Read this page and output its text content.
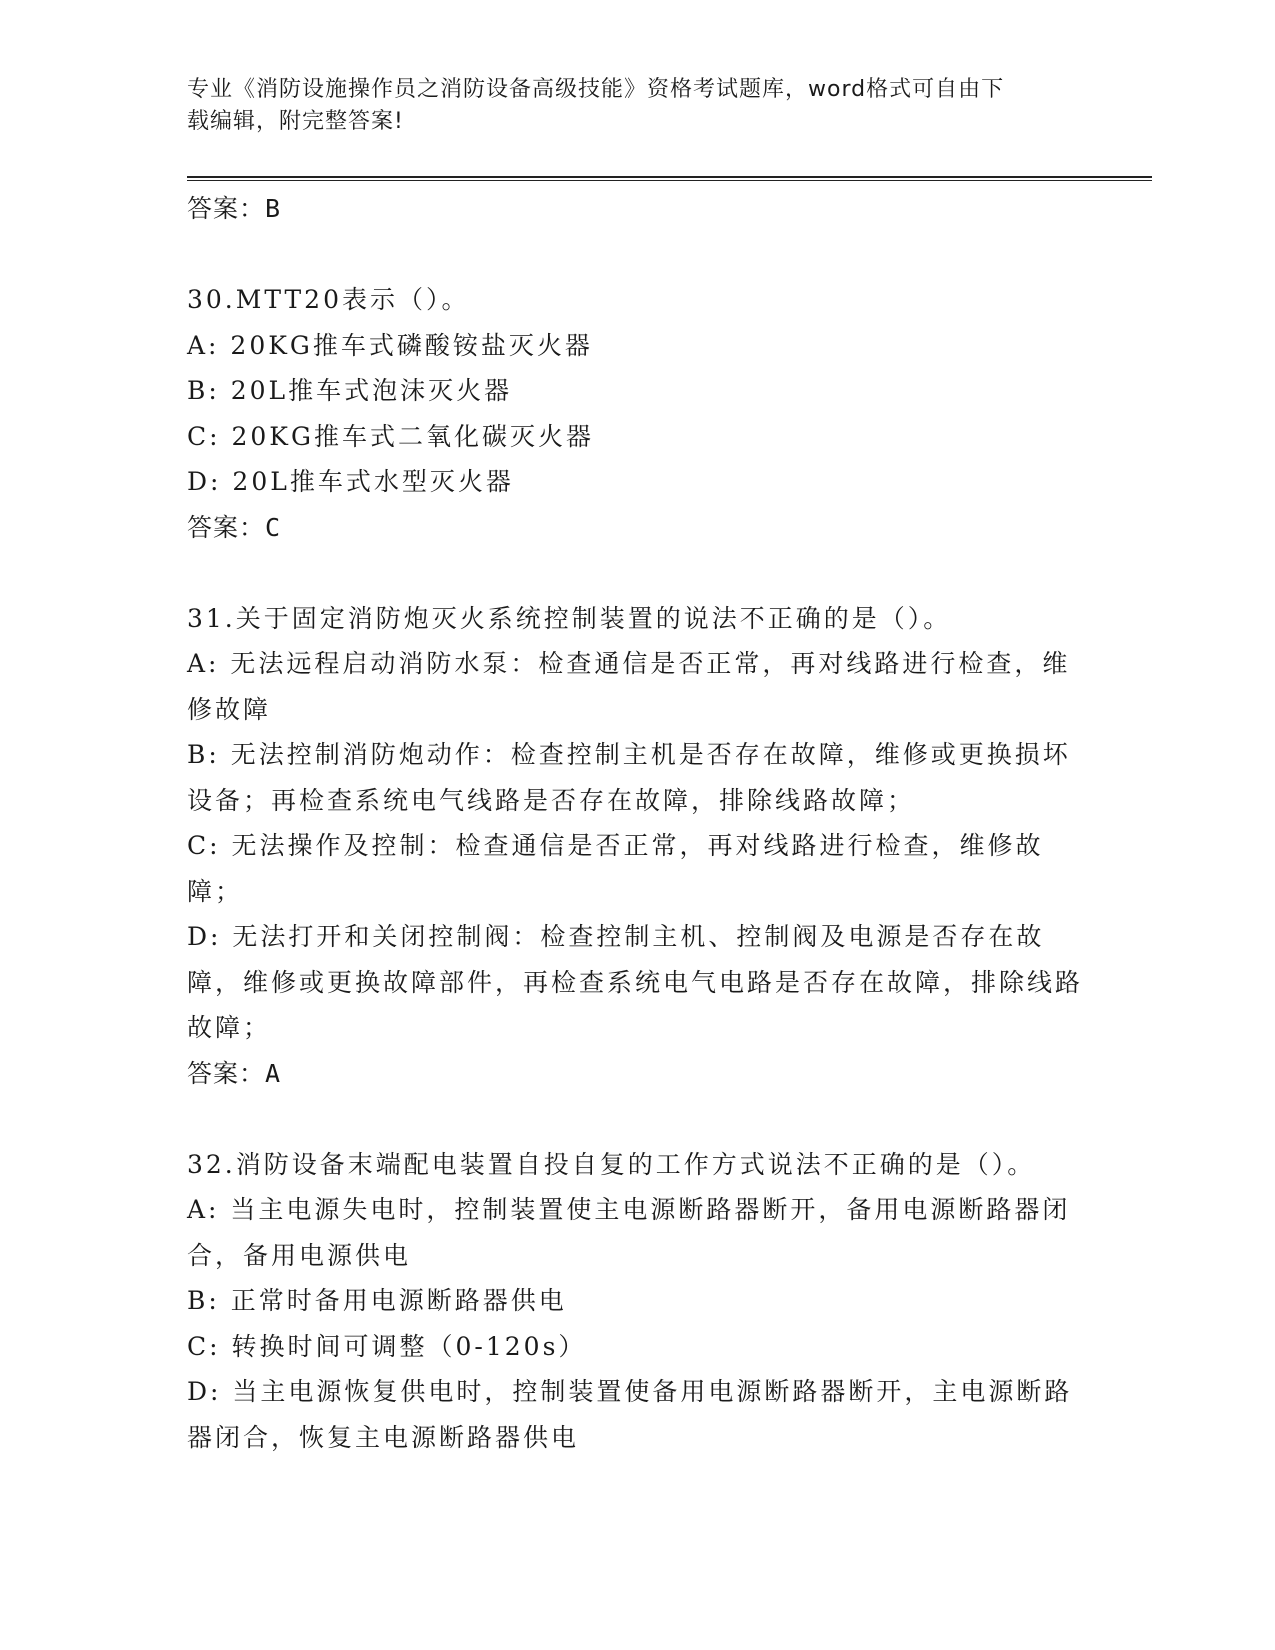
专业《消防设施操作员之消防设备高级技能》资格考试题库，word格式可自由下
载编辑，附完整答案!

答案：B

30.MTT20表示（）。

A: 20KG推车式磷酸铵盐灭火器

B: 20L推车式泡沫灭火器

C: 20KG推车式二氧化碳灭火器

D: 20L推车式水型灭火器

答案：C

31.关于固定消防炮灭火系统控制装置的说法不正确的是（）。

A: 无法远程启动消防水泵：检查通信是否正常，再对线路进行检查，维修故障

B: 无法控制消防炮动作：检查控制主机是否存在故障，维修或更换损坏设备；再检查系统电气线路是否存在故障，排除线路故障；

C: 无法操作及控制：检查通信是否正常，再对线路进行检查，维修故障；

D: 无法打开和关闭控制阀：检查控制主机、控制阀及电源是否存在故障，维修或更换故障部件，再检查系统电气电路是否存在故障，排除线路故障；

答案：A

32.消防设备末端配电装置自投自复的工作方式说法不正确的是（）。

A: 当主电源失电时，控制装置使主电源断路器断开，备用电源断路器闭合，备用电源供电

B: 正常时备用电源断路器供电

C: 转换时间可调整（0-120s）

D: 当主电源恢复供电时，控制装置使备用电源断路器断开，主电源断路器闭合，恢复主电源断路器供电
